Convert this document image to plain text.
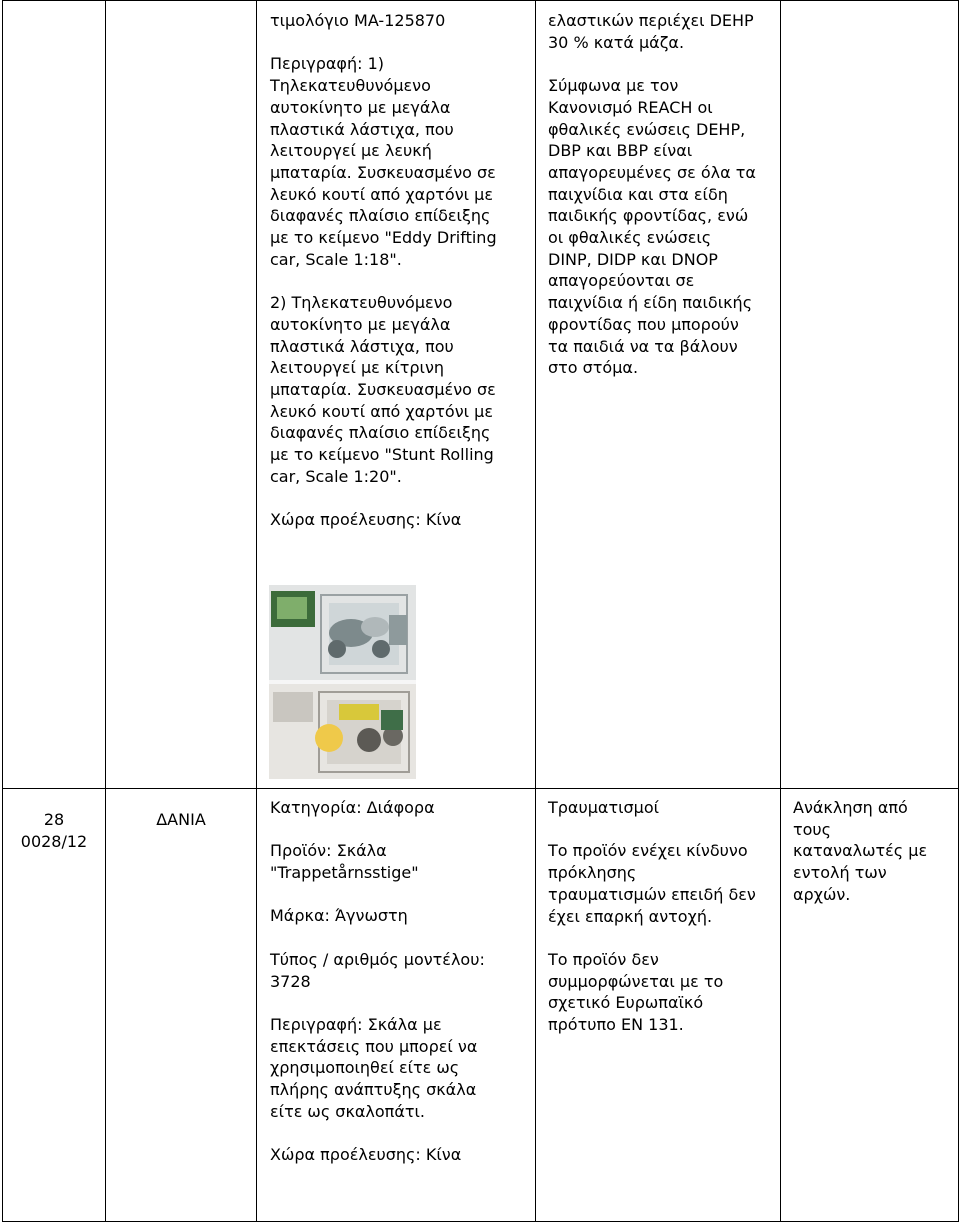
τιμολόγιο MA-125870

Περιγραφή: 1)
Τηλεκατευθυνόμενο
αυτοκίνητο με μεγάλα
πλαστικά λάστιχα, που
λειτουργεί με λευκή
μπαταρία. Συσκευασμένο σε
λευκό κουτί από χαρτόνι με
διαφανές πλαίσιο επίδειξης
με το κείμενο "Eddy Drifting
car, Scale 1:18".

2) Τηλεκατευθυνόμενο
αυτοκίνητο με μεγάλα
πλαστικά λάστιχα, που
λειτουργεί με κίτρινη
μπαταρία. Συσκευασμένο σε
λευκό κουτί από χαρτόνι με
διαφανές πλαίσιο επίδειξης
με το κείμενο "Stunt Rolling
car, Scale 1:20".

Χώρα προέλευσης: Κίνα

ελαστικών περιέχει DEHP
30 % κατά μάζα.

Σύμφωνα με τον
Κανονισμό REACH οι
φθαλικές ενώσεις DEHP,
DBP και BBP είναι
απαγορευμένες σε όλα τα
παιχνίδια και στα είδη
παιδικής φροντίδας, ενώ
οι φθαλικές ενώσεις
DINP, DIDP και DNOP
απαγορεύονται σε
παιχνίδια ή είδη παιδικής
φροντίδας που μπορούν
τα παιδιά να τα βάλουν
στο στόμα.

28

0028/12

ΔΑΝΙΑ

Κατηγορία: Διάφορα

Προϊόν: Σκάλα
"Trappetårnsstige"

Μάρκα: Άγνωστη

Τύπος / αριθμός μοντέλου:
3728

Περιγραφή: Σκάλα με
επεκτάσεις που μπορεί να
χρησιμοποιηθεί είτε ως
πλήρης ανάπτυξης σκάλα
είτε ως σκαλοπάτι.

Χώρα προέλευσης: Κίνα

Τραυματισμοί

Το προϊόν ενέχει κίνδυνο
πρόκλησης
τραυματισμών επειδή δεν
έχει επαρκή αντοχή.

Το προϊόν δεν
συμμορφώνεται με το
σχετικό Ευρωπαϊκό
πρότυπο EN 131.

Ανάκληση από
τους
καταναλωτές με
εντολή των
αρχών.
